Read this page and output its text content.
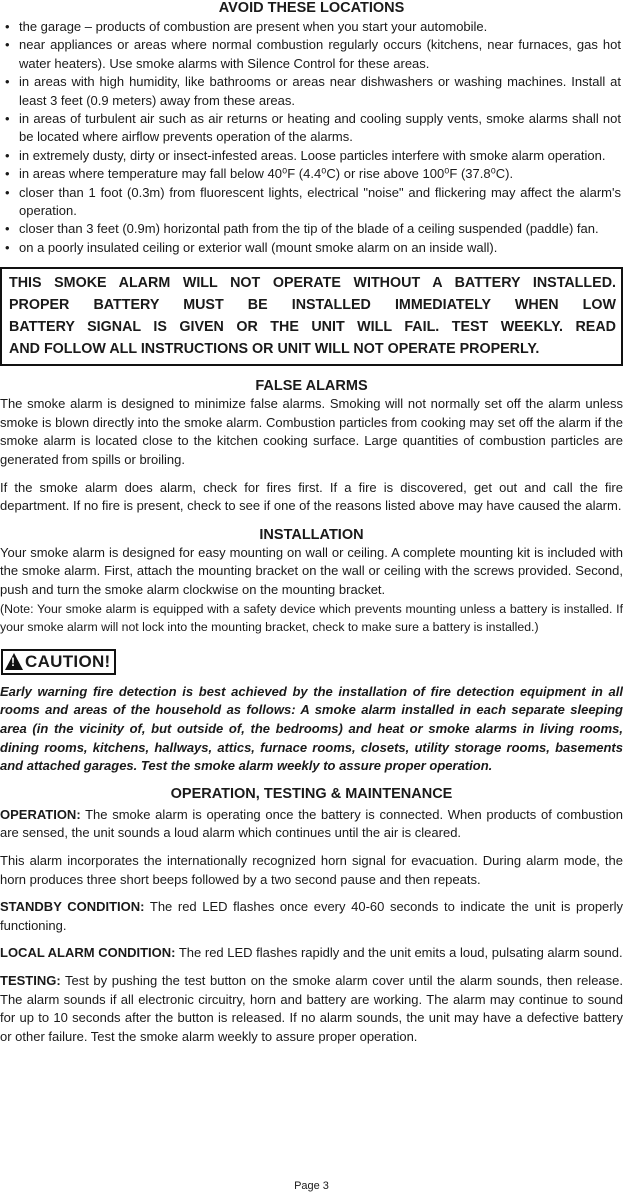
AVOID THESE LOCATIONS
• the garage – products of combustion are present when you start your automobile.
• near appliances or areas where normal combustion regularly occurs (kitchens, near furnaces, gas hot water heaters). Use smoke alarms with Silence Control for these areas.
• in areas with high humidity, like bathrooms or areas near dishwashers or washing machines. Install at least 3 feet (0.9 meters) away from these areas.
• in areas of turbulent air such as air returns or heating and cooling supply vents, smoke alarms shall not be located where airflow prevents operation of the alarms.
• in extremely dusty, dirty or insect-infested areas. Loose particles interfere with smoke alarm operation.
• in areas where temperature may fall below 40⁰F (4.4⁰C) or rise above 100⁰F (37.8⁰C).
• closer than 1 foot (0.3m) from fluorescent lights, electrical "noise" and flickering may affect the alarm's operation.
• closer than 3 feet (0.9m) horizontal path from the tip of the blade of a ceiling suspended (paddle) fan.
• on a poorly insulated ceiling or exterior wall (mount smoke alarm on an inside wall).

THIS SMOKE ALARM WILL NOT OPERATE WITHOUT A BATTERY INSTALLED.

PROPER BATTERY MUST BE INSTALLED IMMEDIATELY WHEN LOW

BATTERY SIGNAL IS GIVEN OR THE UNIT WILL FAIL. TEST WEEKLY. READ

AND FOLLOW ALL INSTRUCTIONS OR UNIT WILL NOT OPERATE PROPERLY.

FALSE ALARMS

The smoke alarm is designed to minimize false alarms. Smoking will not normally set off the alarm unless smoke is blown directly into the smoke alarm. Combustion particles from cooking may set off the alarm if the smoke alarm is located close to the kitchen cooking surface. Large quantities of combustion particles are generated from spills or broiling.

If the smoke alarm does alarm, check for fires first. If a fire is discovered, get out and call the fire department. If no fire is present, check to see if one of the reasons listed above may have caused the alarm.

INSTALLATION

Your smoke alarm is designed for easy mounting on wall or ceiling. A complete mounting kit is included with the smoke alarm. First, attach the mounting bracket on the wall or ceiling with the screws provided. Second, push and turn the smoke alarm clockwise on the mounting bracket.

(Note: Your smoke alarm is equipped with a safety device which prevents mounting unless a battery is installed. If your smoke alarm will not lock into the mounting bracket, check to make sure a battery is installed.)

! CAUTION!

Early warning fire detection is best achieved by the installation of fire detection equipment in all rooms and areas of the household as follows: A smoke alarm installed in each separate sleeping area (in the vicinity of, but outside of, the bedrooms) and heat or smoke alarms in living rooms, dining rooms, kitchens, hallways, attics, furnace rooms, closets, utility storage rooms, basements and attached garages. Test the smoke alarm weekly to assure proper operation.

OPERATION, TESTING & MAINTENANCE

OPERATION: The smoke alarm is operating once the battery is connected. When products of combustion are sensed, the unit sounds a loud alarm which continues until the air is cleared.

This alarm incorporates the internationally recognized horn signal for evacuation. During alarm mode, the horn produces three short beeps followed by a two second pause and then repeats.

STANDBY CONDITION: The red LED flashes once every 40-60 seconds to indicate the unit is properly functioning.

LOCAL ALARM CONDITION: The red LED flashes rapidly and the unit emits a loud, pulsating alarm sound.

TESTING: Test by pushing the test button on the smoke alarm cover until the alarm sounds, then release. The alarm sounds if all electronic circuitry, horn and battery are working. The alarm may continue to sound for up to 10 seconds after the button is released. If no alarm sounds, the unit may have a defective battery or other failure. Test the smoke alarm weekly to assure proper operation.

Page 3
